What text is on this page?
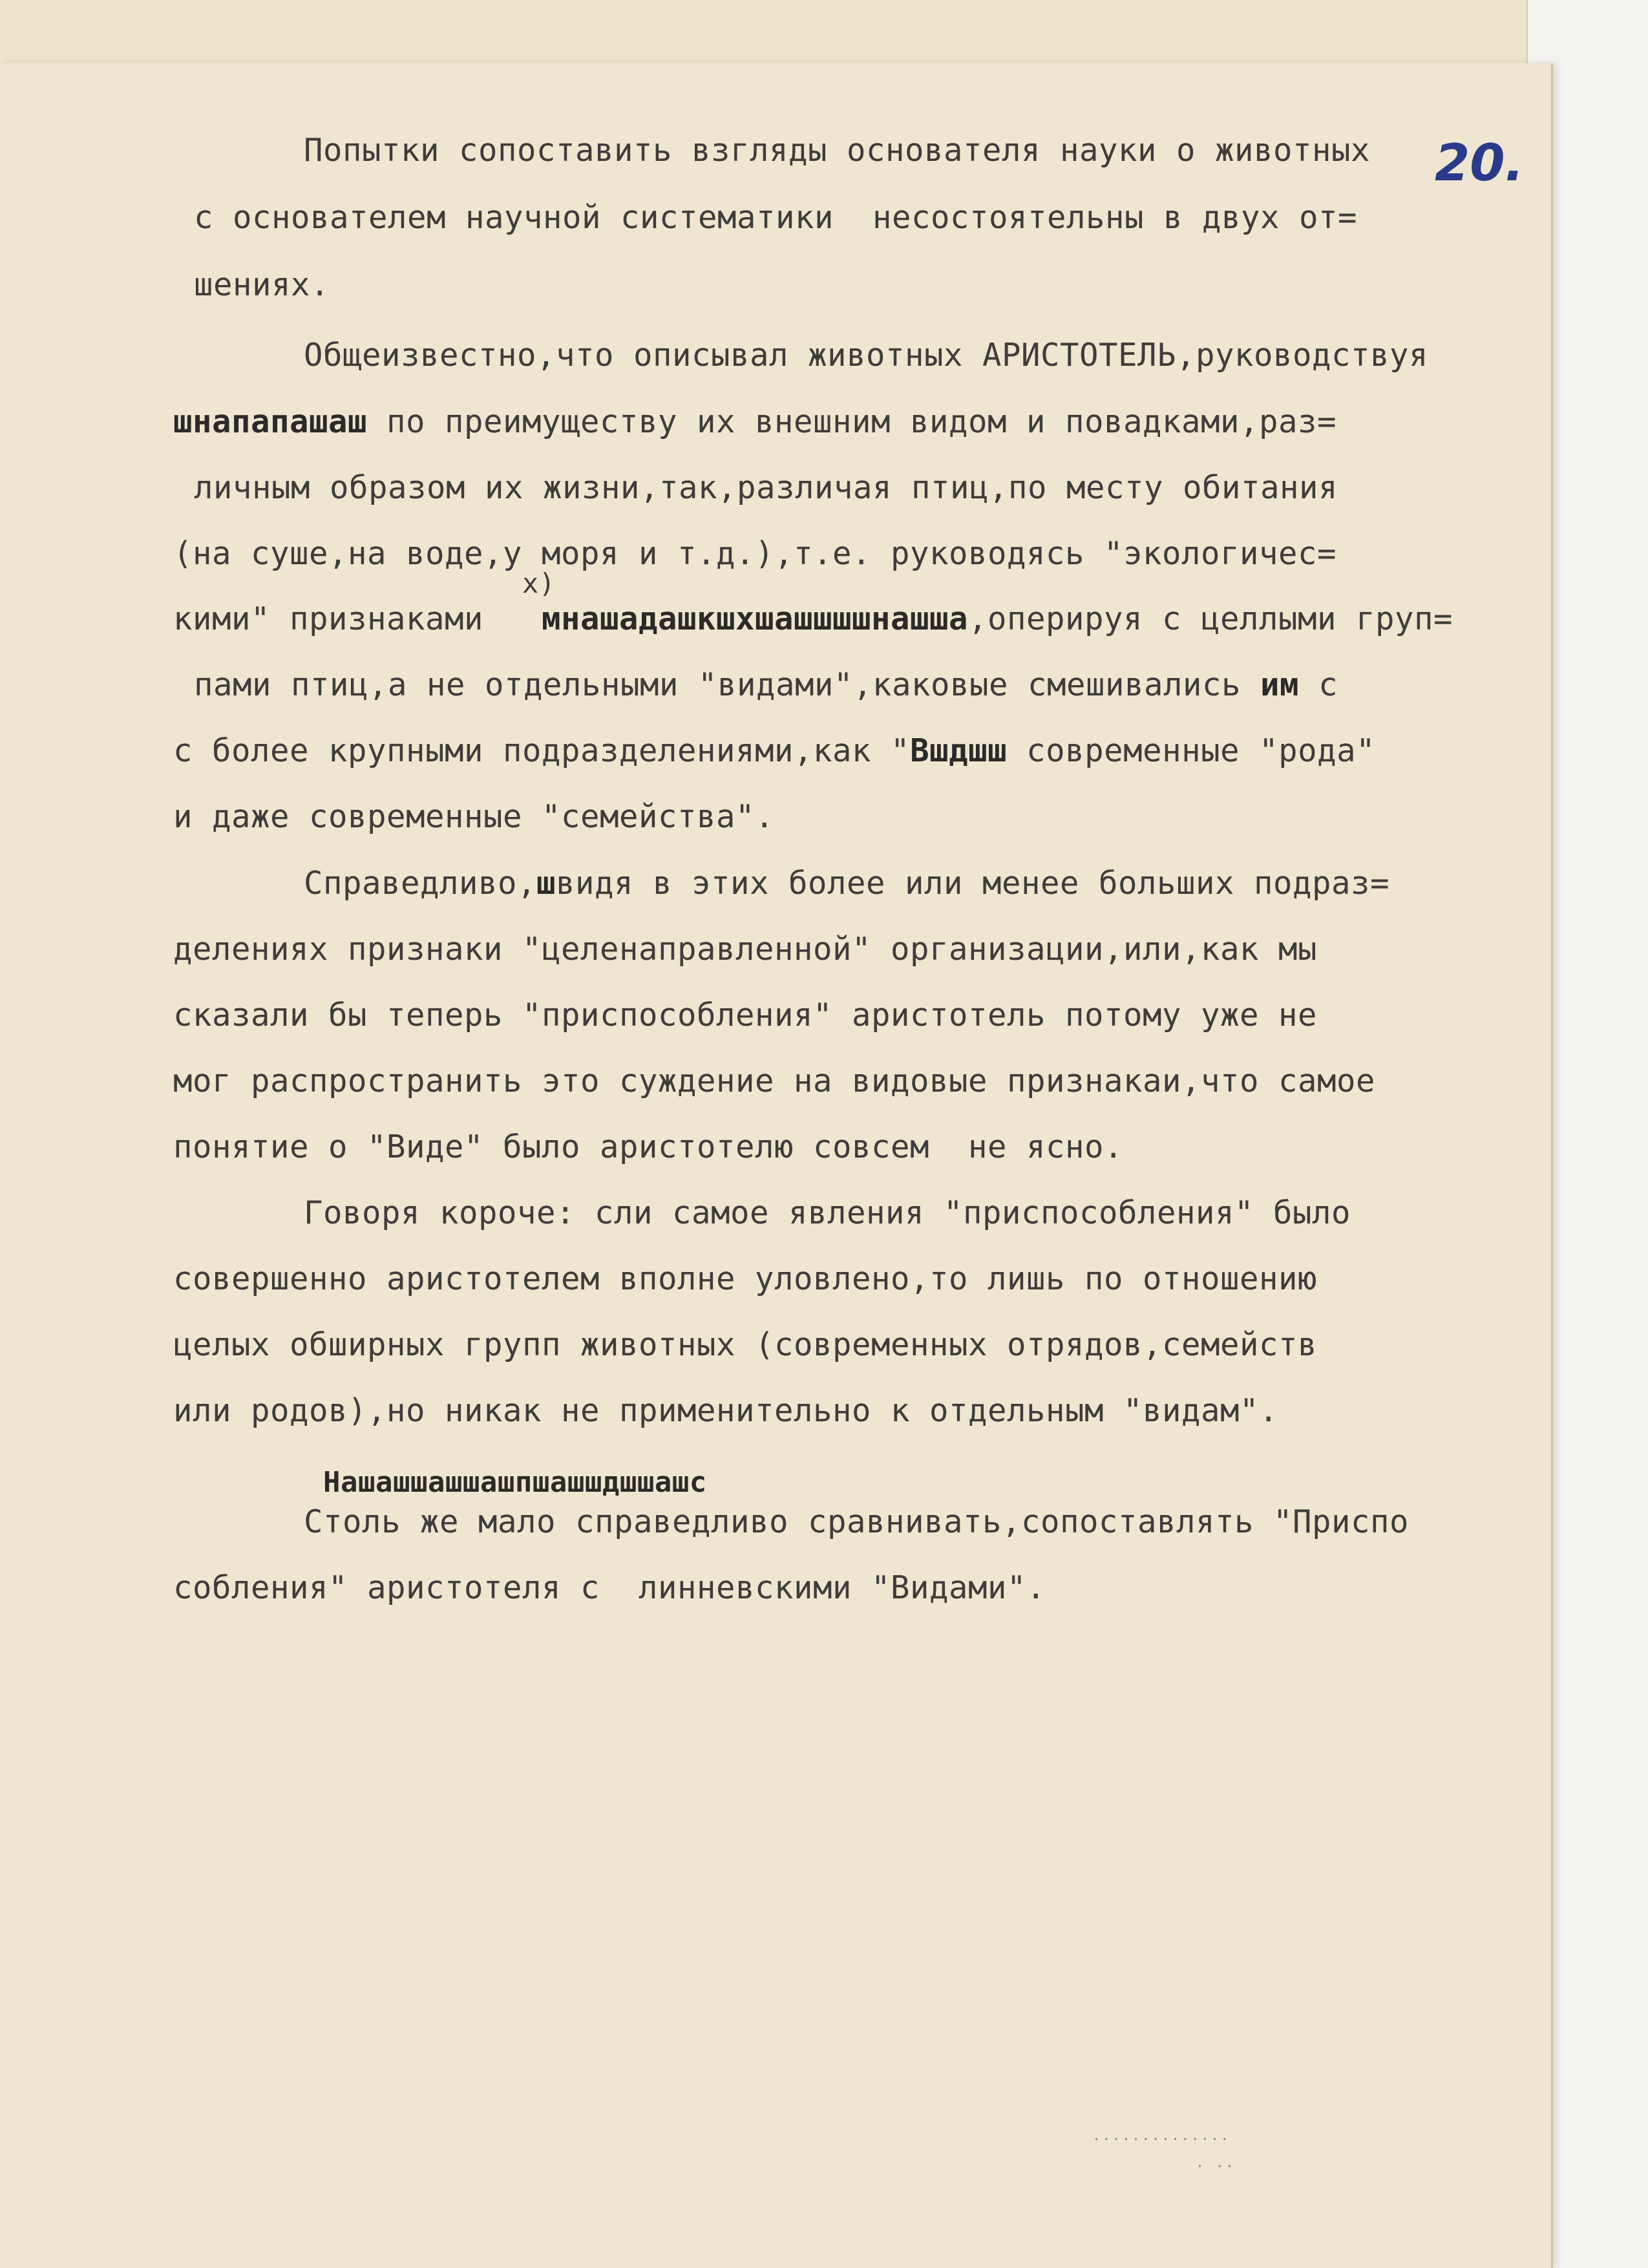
20.
Попытки сопоставить взгляды основателя науки о животных
с основателем научной систематики  несостоятельны в двух от=
шениях.
Общеизвестно,что описывал животных АРИСТОТЕЛЬ,руководствуя
шнапапашаш по преимуществу их внешним видом и повадками,раз=
личным образом их жизни,так,различая птиц,по месту обитания
(на суше,на воде,у моря и т.д.),т.е. руководясь "экологичес=
x)
кими" признаками мнашадашкшхшашшшшнашша,оперируя с целлыми груп=
пами птиц,а не отдельными "видами",каковые смешивались им с
с более крупными подразделениями,как "Вшдшш современные "рода"
и даже современные "семейства".
Справедливо,швидя в этих более или менее больших подраз=
делениях признаки "целенаправленной" организации,или,как мы
сказали бы теперь "приспособления" аристотель потому уже не
мог распространить это суждение на видовые признакаи,что самое
понятие о "Виде" было аристотелю совсем  не ясно.
Говоря короче: сли самое явления "приспособления" было
совершенно аристотелем вполне уловлено,то лишь по отношению
целых обширных групп животных (современных отрядов,семейств
или родов),но никак не применительно к отдельным "видам".
Нашашшашшашпшашшдшшашс
Столь же мало справедливо сравнивать,сопоставлять "Приспо
собления" аристотеля с  линневскими "Видами".
··············
· ··
